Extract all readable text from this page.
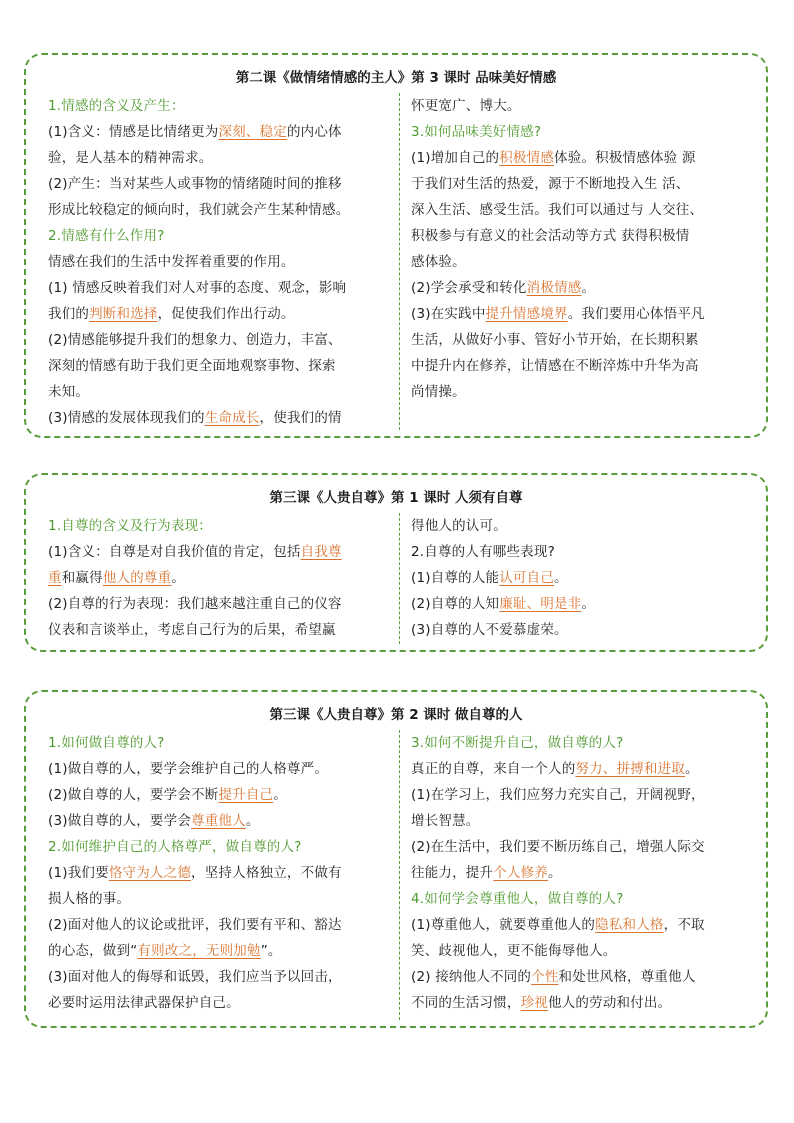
第二课《做情绪情感的主人》第 3 课时 品味美好情感
1.情感的含义及产生：
(1)含义：情感是比情绪更为深刻、稳定的内心体
验，是人基本的精神需求。
(2)产生：当对某些人或事物的情绪随时间的推移
形成比较稳定的倾向时，我们就会产生某种情感。
2.情感有什么作用?
情感在我们的生活中发挥着重要的作用。
(1) 情感反映着我们对人对事的态度、观念，影响
我们的判断和选择，促使我们作出行动。
(2)情感能够提升我们的想象力、创造力，丰富、
深刻的情感有助于我们更全面地观察事物、探索
未知。
(3)情感的发展体现我们的生命成长，使我们的情
怀更宽广、博大。
3.如何品味美好情感?
(1)增加自己的积极情感体验。积极情感体验 源
于我们对生活的热爱，源于不断地投入生 活、
深入生活、感受生活。我们可以通过与 人交往、
积极参与有意义的社会活动等方式 获得积极情
感体验。
(2)学会承受和转化消极情感。
(3)在实践中提升情感境界。我们要用心体悟平凡
生活，从做好小事、管好小节开始，在长期积累
中提升内在修养，让情感在不断淬炼中升华为高
尚情操。
第三课《人贵自尊》第 1 课时 人须有自尊
1.自尊的含义及行为表现：
(1)含义：自尊是对自我价值的肯定，包括自我尊
重和赢得他人的尊重。
(2)自尊的行为表现：我们越来越注重自己的仪容
仪表和言谈举止，考虑自己行为的后果，希望赢
得他人的认可。
2.自尊的人有哪些表现?
(1)自尊的人能认可自己。
(2)自尊的人知廉耻、明是非。
(3)自尊的人不爱慕虚荣。
第三课《人贵自尊》第 2 课时 做自尊的人
1.如何做自尊的人?
(1)做自尊的人，要学会维护自己的人格尊严。
(2)做自尊的人，要学会不断提升自己。
(3)做自尊的人，要学会尊重他人。
2.如何维护自己的人格尊严，做自尊的人?
(1)我们要恪守为人之德，坚持人格独立，不做有
损人格的事。
(2)面对他人的议论或批评，我们要有平和、豁达
的心态，做到“有则改之，无则加勉”。
(3)面对他人的侮辱和诋毁，我们应当予以回击，
必要时运用法律武器保护自己。
3.如何不断提升自己，做自尊的人?
真正的自尊，来自一个人的努力、拼搏和进取。
(1)在学习上，我们应努力充实自己，开阔视野，
增长智慧。
(2)在生活中，我们要不断历练自己，增强人际交
往能力，提升个人修养。
4.如何学会尊重他人，做自尊的人?
(1)尊重他人，就要尊重他人的隐私和人格，不取
笑、歧视他人，更不能侮辱他人。
(2) 接纳他人不同的个性和处世风格，尊重他人
不同的生活习惯，珍视他人的劳动和付出。
